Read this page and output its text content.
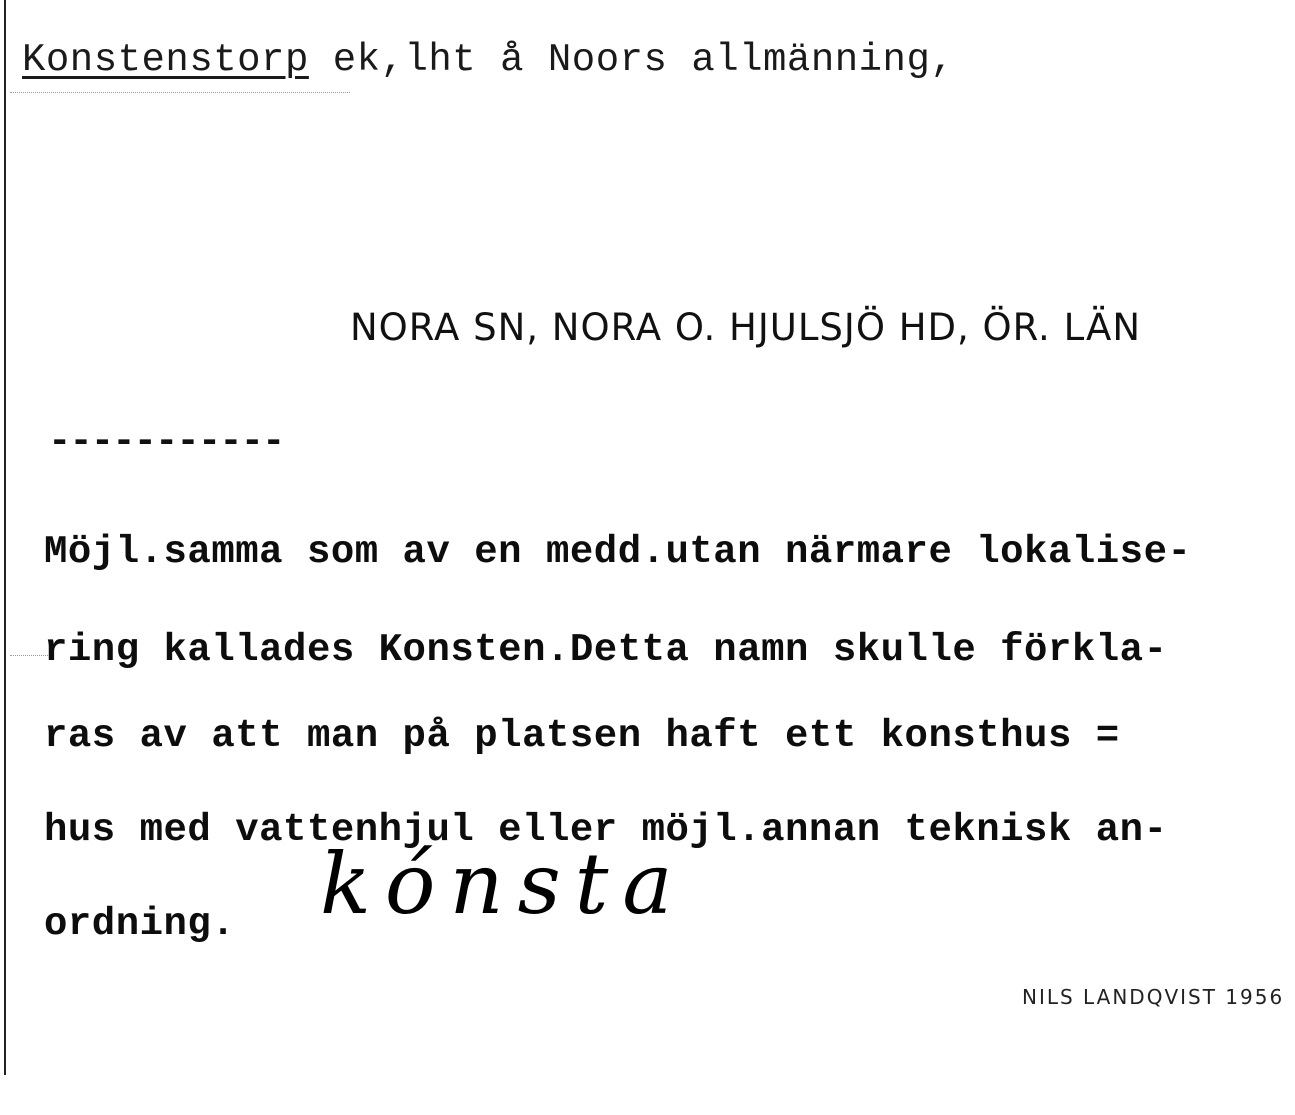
Konstenstorp ek,lht å Noors allmänning,
NORA SN, NORA O. HJULSJÖ HD, ÖR. LÄN
-----------
Möjl.samma som av en medd.utan närmare lokalise-
ring kallades Konsten.Detta namn skulle förkla-
ras av att man på platsen haft ett konsthus =
hus med vattenhjul eller möjl.annan teknisk an-
ordning. kónsta
NILS LANDQVIST 1956
